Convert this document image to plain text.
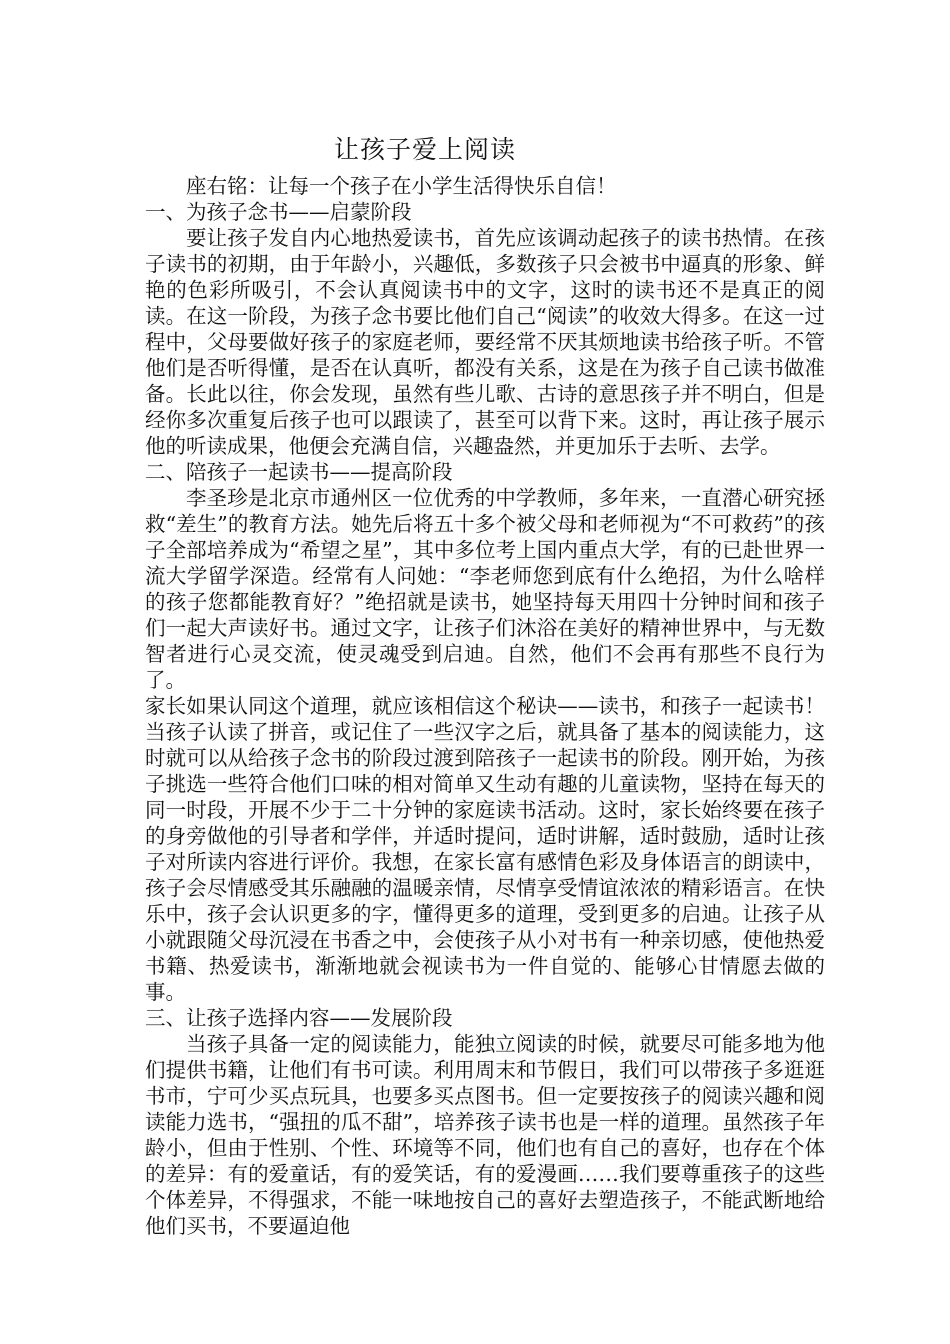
让孩子爱上阅读

座右铭：让每一个孩子在小学生活得快乐自信！

一、为孩子念书——启蒙阶段

要让孩子发自内心地热爱读书，首先应该调动起孩子的读书热情。在孩子读书的初期，由于年龄小，兴趣低，多数孩子只会被书中逼真的形象、鲜艳的色彩所吸引，不会认真阅读书中的文字，这时的读书还不是真正的阅读。在这一阶段，为孩子念书要比他们自己“阅读”的收效大得多。在这一过程中，父母要做好孩子的家庭老师，要经常不厌其烦地读书给孩子听。不管他们是否听得懂，是否在认真听，都没有关系，这是在为孩子自己读书做准备。长此以往，你会发现，虽然有些儿歌、古诗的意思孩子并不明白，但是经你多次重复后孩子也可以跟读了，甚至可以背下来。这时，再让孩子展示他的听读成果，他便会充满自信，兴趣盎然，并更加乐于去听、去学。

二、陪孩子一起读书——提高阶段

李圣珍是北京市通州区一位优秀的中学教师，多年来，一直潜心研究拯救“差生”的教育方法。她先后将五十多个被父母和老师视为“不可救药”的孩子全部培养成为“希望之星”，其中多位考上国内重点大学，有的已赴世界一流大学留学深造。经常有人问她：“李老师您到底有什么绝招，为什么啥样的孩子您都能教育好？”绝招就是读书，她坚持每天用四十分钟时间和孩子们一起大声读好书。通过文字，让孩子们沐浴在美好的精神世界中，与无数智者进行心灵交流，使灵魂受到启迪。自然，他们不会再有那些不良行为了。

家长如果认同这个道理，就应该相信这个秘诀——读书，和孩子一起读书！当孩子认读了拼音，或记住了一些汉字之后，就具备了基本的阅读能力，这时就可以从给孩子念书的阶段过渡到陪孩子一起读书的阶段。刚开始，为孩子挑选一些符合他们口味的相对简单又生动有趣的儿童读物，坚持在每天的同一时段，开展不少于二十分钟的家庭读书活动。这时，家长始终要在孩子的身旁做他的引导者和学伴，并适时提问，适时讲解，适时鼓励，适时让孩子对所读内容进行评价。我想，在家长富有感情色彩及身体语言的朗读中，孩子会尽情感受其乐融融的温暖亲情，尽情享受情谊浓浓的精彩语言。在快乐中，孩子会认识更多的字，懂得更多的道理，受到更多的启迪。让孩子从小就跟随父母沉浸在书香之中，会使孩子从小对书有一种亲切感，使他热爱书籍、热爱读书，渐渐地就会视读书为一件自觉的、能够心甘情愿去做的事。

三、让孩子选择内容——发展阶段

当孩子具备一定的阅读能力，能独立阅读的时候，就要尽可能多地为他们提供书籍，让他们有书可读。利用周末和节假日，我们可以带孩子多逛逛书市，宁可少买点玩具，也要多买点图书。但一定要按孩子的阅读兴趣和阅读能力选书，“强扭的瓜不甜”，培养孩子读书也是一样的道理。虽然孩子年龄小，但由于性别、个性、环境等不同，他们也有自己的喜好，也存在个体的差异：有的爱童话，有的爱笑话，有的爱漫画……我们要尊重孩子的这些个体差异，不得强求，不能一味地按自己的喜好去塑造孩子，不能武断地给他们买书，不要逼迫他
